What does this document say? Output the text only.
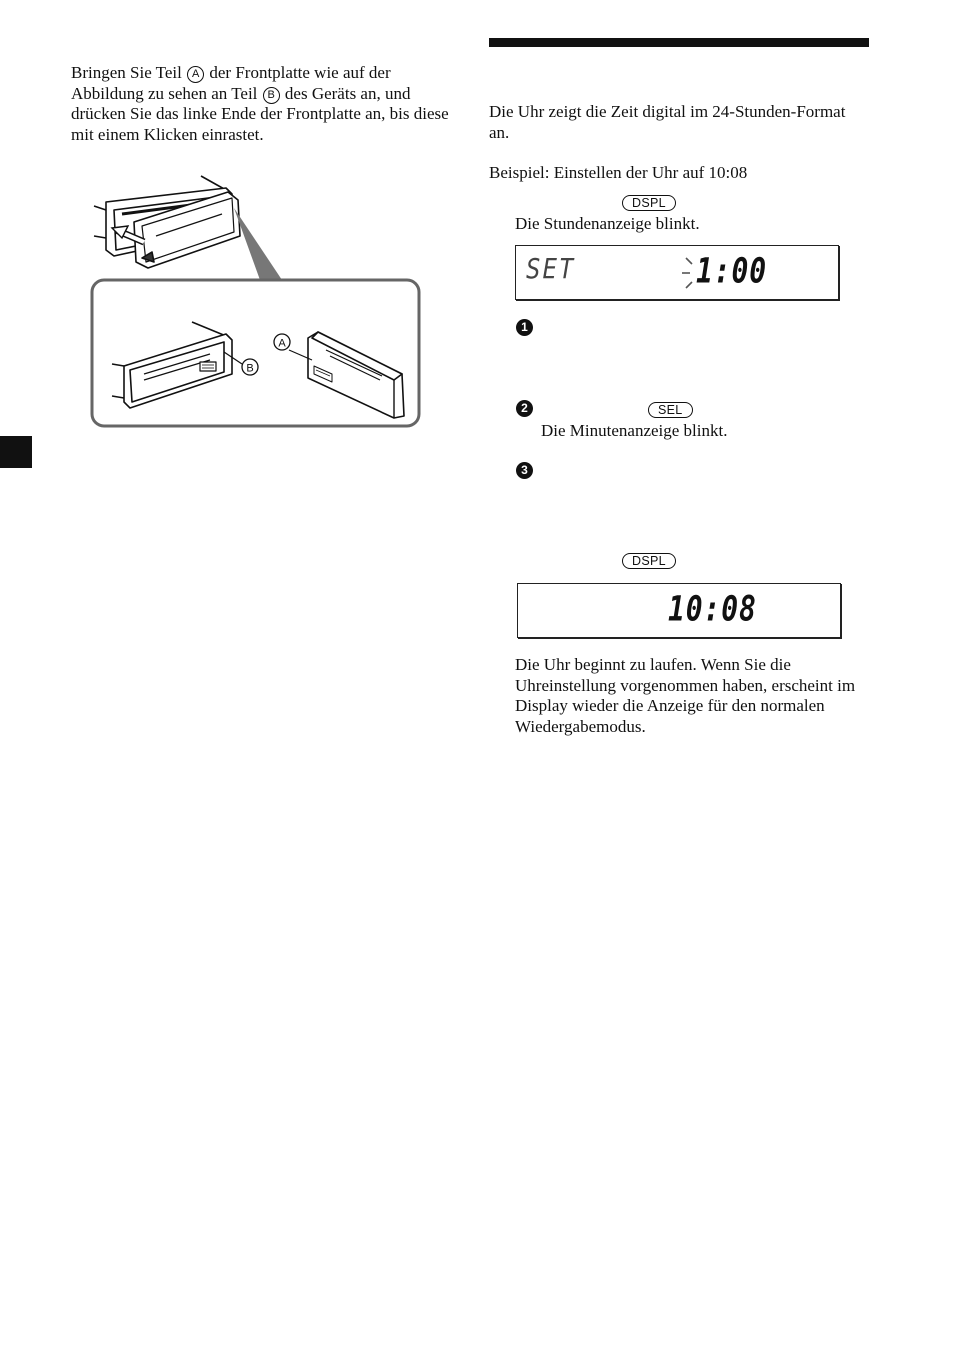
Bringen Sie Teil A der Frontplatte wie auf der Abbildung zu sehen an Teil B des Geräts an, und drücken Sie das linke Ende der Frontplatte an, bis diese mit einem Klicken einrastet.

A
B

Die Uhr zeigt die Zeit digital im 24-Stunden-Format an.

Beispiel: Einstellen der Uhr auf 10:08

DSPL

Die Stundenanzeige blinkt.

SET	1:00
1
2	SEL

Die Minutenanzeige blinkt.

3
DSPL
10:08

Die Uhr beginnt zu laufen. Wenn Sie die Uhreinstellung vorgenommen haben, erscheint im Display wieder die Anzeige für den normalen Wiedergabemodus.
